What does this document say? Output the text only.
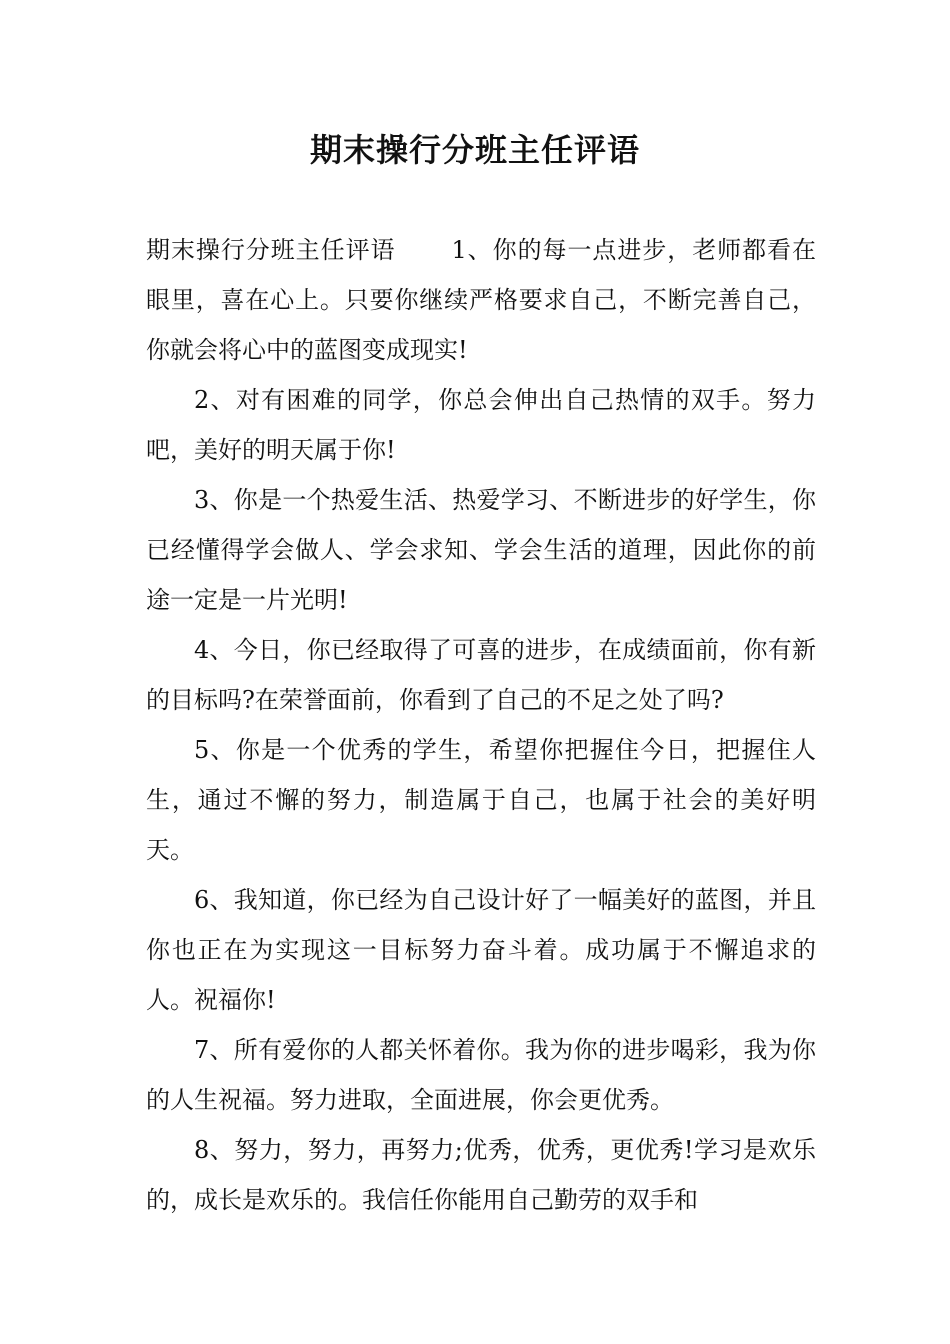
期末操行分班主任评语

期末操行分班主任评语 1、你的每一点进步，老师都看在眼里，喜在心上。只要你继续严格要求自己，不断完善自己，你就会将心中的蓝图变成现实!

2、对有困难的同学，你总会伸出自己热情的双手。努力吧，美好的明天属于你!

3、你是一个热爱生活、热爱学习、不断进步的好学生，你已经懂得学会做人、学会求知、学会生活的道理，因此你的前途一定是一片光明!

4、今日，你已经取得了可喜的进步，在成绩面前，你有新的目标吗?在荣誉面前，你看到了自己的不足之处了吗?

5、你是一个优秀的学生，希望你把握住今日，把握住人生，通过不懈的努力，制造属于自己，也属于社会的美好明天。

6、我知道，你已经为自己设计好了一幅美好的蓝图，并且你也正在为实现这一目标努力奋斗着。成功属于不懈追求的人。祝福你!

7、所有爱你的人都关怀着你。我为你的进步喝彩，我为你的人生祝福。努力进取，全面进展，你会更优秀。

8、努力，努力，再努力;优秀，优秀，更优秀!学习是欢乐的，成长是欢乐的。我信任你能用自己勤劳的双手和
